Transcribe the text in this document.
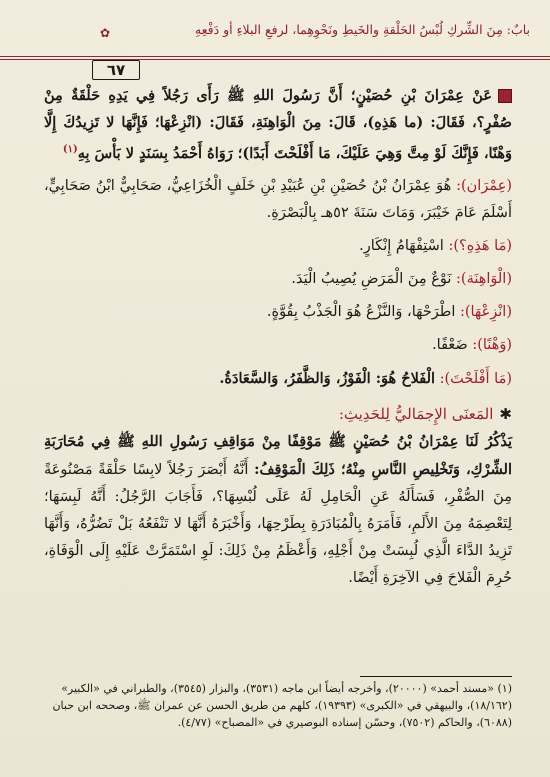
بابٌ: مِنَ الشِّركِ لُبْسُ الحَلْقةِ والخَيطِ ونَحْوِهِما، لرفعِ البلاءِ أو دَفْعِهِ
✿
٦٧

عَنْ عِمْرَانَ بْنِ حُصَيْنٍ؛ أَنَّ رَسُولَ اللهِ ﷺ رَأَى رَجُلاً فِي يَدِهِ حَلْقَةٌ مِنْ صُفْرٍ؟، فَقَالَ: (ما هَذِهِ)، قَالَ: مِنَ الْوَاهِنَةِ، فَقَالَ: (انْزِعْهَا؛ فَإِنَّهَا لا تَزِيدُكَ إِلَّا وَهْنًا، فَإِنَّكَ لَوْ مِتَّ وَهِيَ عَلَيْكَ، مَا أَفْلَحْتَ أَبَدًا)؛ رَوَاهُ أَحْمَدُ بِسَنَدٍ لا بَأْسَ بِهِ$^{(١)}$

(عِمْرَان): هُوَ عِمْرَانُ بْنُ حُصَيْنِ بْنِ عُبَيْدِ بْنِ خَلَفٍ الْخُزَاعِيُّ، صَحَابِيٌّ ابْنُ صَحَابِيٍّ، أَسْلَمَ عَامَ خَيْبَرَ، وَمَاتَ سَنَةَ ٥٢هـ بِالْبَصْرَةِ.

(مَا هَذِهِ؟): اسْتِفْهَامُ إِنْكَارٍ.

(الْوَاهِنَة): نَوْعٌ مِنَ الْمَرَضِ يُصِيبُ الْيَدَ.

(انْزِعْهَا): اطْرَحْهَا، وَالنَّزْعُ هُوَ الْجَذْبُ بِقُوَّةٍ.

(وَهْنًا): ضَعْفًا.

(مَا أَفْلَحْتَ): الْفَلاحُ هُوَ: الْفَوْزُ، وَالظَّفَرُ، وَالسَّعَادَةُ.

✱المَعنَى الإِجمَاليُّ لِلحَدِيثِ:

يَذْكُرُ لَنَا عِمْرَانُ بْنُ حُصَيْنٍ ﷺ مَوْقِفًا مِنْ مَوَاقِفِ رَسُولِ اللهِ ﷺ فِي مُحَارَبَةِ الشِّرْكِ، وَتَخْلِيصِ النَّاسِ مِنْهُ؛ ذَلِكَ الْمَوْقِفُ: أَنَّهُ أَبْصَرَ رَجُلاً لابِسًا حَلْقَةً مَصْنُوعَةً مِنَ الصُّفْرِ، فَسَأَلَهُ عَنِ الْحَامِلِ لَهُ عَلَى لُبْسِهَا؟، فَأَجَابَ الرَّجُلُ: أَنَّهُ لَبِسَهَا؛ لِتَعْصِمَهُ مِنَ الأَلَمِ، فَأَمَرَهُ بِالْمُبَادَرَةِ بِطَرْحِهَا، وَأَخْبَرَهُ أَنَّهَا لا تَنْفَعُهُ بَلْ تَضُرُّهُ، وَأَنَّهَا تَزِيدُ الدَّاءَ الَّذِي لُبِسَتْ مِنْ أَجْلِهِ، وَأَعْظَمُ مِنْ ذَلِكَ: لَوِ اسْتَمَرَّتْ عَلَيْهِ إِلَى الْوَفَاةِ، حُرِمَ الْفَلاحَ فِي الآخِرَةِ أَيْضًا.

(١) «مسند أحمد» (٢٠٠٠٠)، وأخرجه أيضاً ابن ماجه (٣٥٣١)، والبزار (٣٥٤٥)، والطبراني في «الكبير» (١٨/١٦٢)، والبيهقي في «الكبرى» (١٩٣٩٣)، كلهم من طريق الحسن عن عمران ﷺ، وصححه ابن حبان (٦٠٨٨)، والحاكم (٧٥٠٢)، وحسّن إسناده البوصيري في «المصباح» (٤/٧٧).
